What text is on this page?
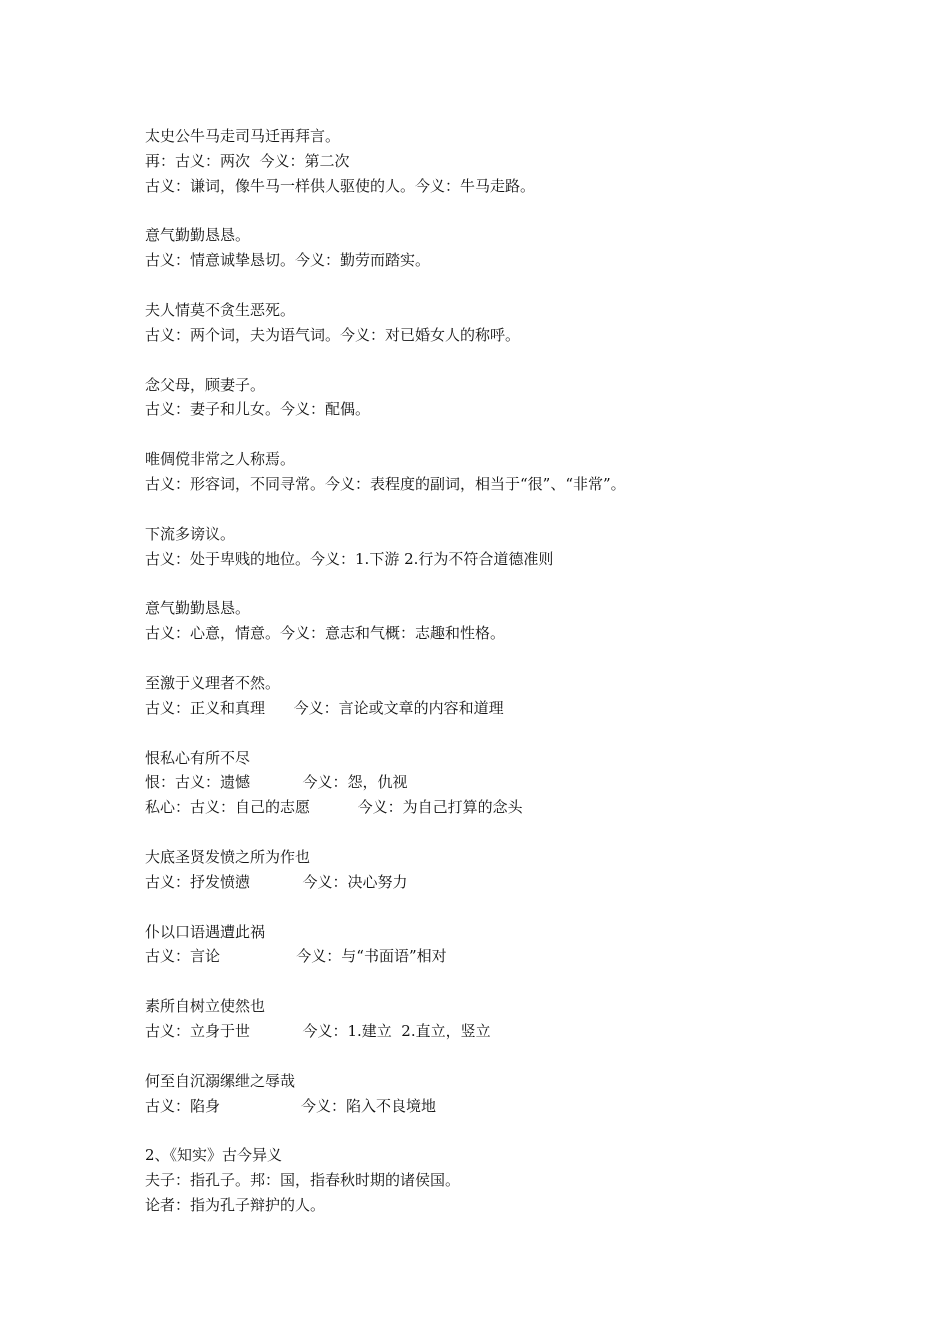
太史公牛马走司马迁再拜言。
再：古义：两次  今义：第二次
古义：谦词，像牛马一样供人驱使的人。今义：牛马走路。
意气勤勤恳恳。
古义：情意诚挚恳切。今义：勤劳而踏实。
夫人情莫不贪生恶死。
古义：两个词，夫为语气词。今义：对已婚女人的称呼。
念父母，顾妻子。
古义：妻子和儿女。今义：配偶。
唯倜傥非常之人称焉。
古义：形容词，不同寻常。今义：表程度的副词，相当于“很”、“非常”。
下流多谤议。
古义：处于卑贱的地位。今义：1.下游 2.行为不符合道德准则
意气勤勤恳恳。
古义：心意，情意。今义：意志和气概：志趣和性格。
至激于义理者不然。
古义：正义和真理      今义：言论或文章的内容和道理
恨私心有所不尽
恨：古义：遗憾           今义：怨，仇视
私心：古义：自己的志愿          今义：为自己打算的念头
大底圣贤发愤之所为作也
古义：抒发愤懑           今义：决心努力
仆以口语遇遭此祸
古义：言论                今义：与“书面语”相对
素所自树立使然也
古义：立身于世           今义：1.建立  2.直立，竖立
何至自沉溺缧绁之辱哉
古义：陷身                 今义：陷入不良境地
2、《知实》古今异义
夫子：指孔子。邦：国，指春秋时期的诸侯国。
论者：指为孔子辩护的人。
